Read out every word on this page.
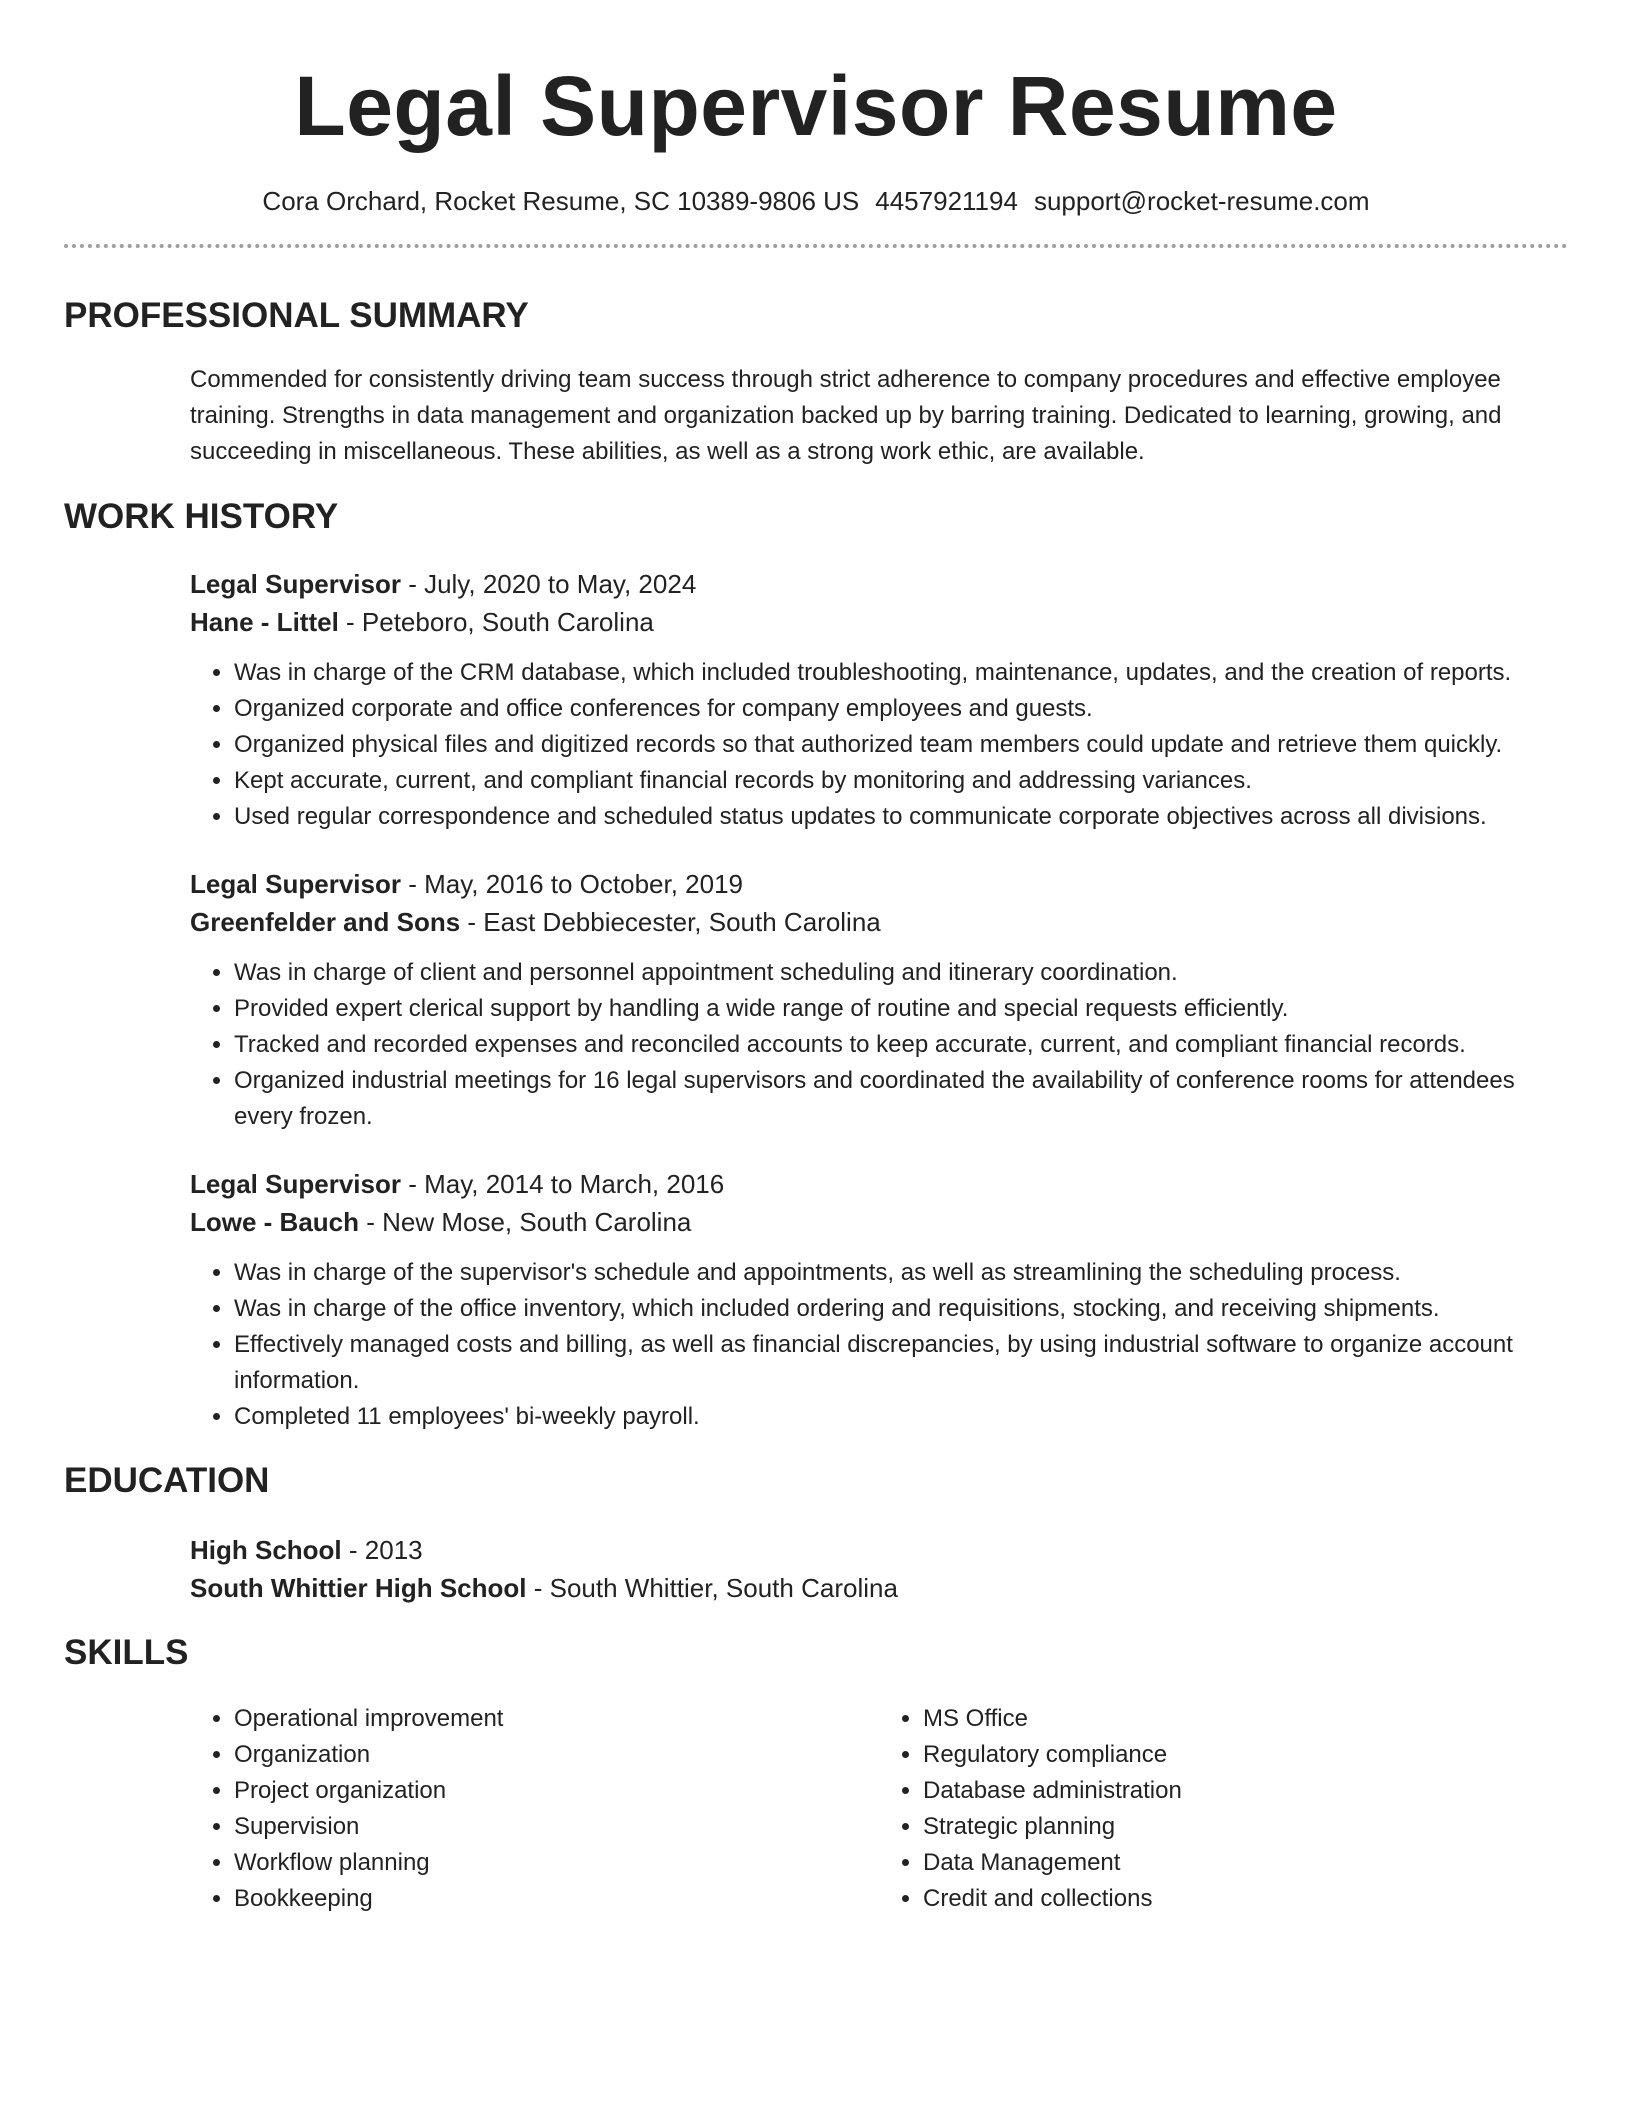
Legal Supervisor Resume
Cora Orchard, Rocket Resume, SC 10389-9806 US 4457921194 support@rocket-resume.com
PROFESSIONAL SUMMARY

Commended for consistently driving team success through strict adherence to company procedures and effective employee training. Strengths in data management and organization backed up by barring training. Dedicated to learning, growing, and succeeding in miscellaneous. These abilities, as well as a strong work ethic, are available.

WORK HISTORY
Legal Supervisor - July, 2020 to May, 2024
Hane - Littel - Peteboro, South Carolina
• Was in charge of the CRM database, which included troubleshooting, maintenance, updates, and the creation of reports.
• Organized corporate and office conferences for company employees and guests.
• Organized physical files and digitized records so that authorized team members could update and retrieve them quickly.
• Kept accurate, current, and compliant financial records by monitoring and addressing variances.
• Used regular correspondence and scheduled status updates to communicate corporate objectives across all divisions.
Legal Supervisor - May, 2016 to October, 2019
Greenfelder and Sons - East Debbiecester, South Carolina
• Was in charge of client and personnel appointment scheduling and itinerary coordination.
• Provided expert clerical support by handling a wide range of routine and special requests efficiently.
• Tracked and recorded expenses and reconciled accounts to keep accurate, current, and compliant financial records.
• Organized industrial meetings for 16 legal supervisors and coordinated the availability of conference rooms for attendees every frozen.
Legal Supervisor - May, 2014 to March, 2016
Lowe - Bauch - New Mose, South Carolina
• Was in charge of the supervisor's schedule and appointments, as well as streamlining the scheduling process.
• Was in charge of the office inventory, which included ordering and requisitions, stocking, and receiving shipments.
• Effectively managed costs and billing, as well as financial discrepancies, by using industrial software to organize account information.
• Completed 11 employees' bi-weekly payroll.
EDUCATION
High School - 2013
South Whittier High School - South Whittier, South Carolina
SKILLS
• Operational improvement
• Organization
• Project organization
• Supervision
• Workflow planning
• Bookkeeping
• MS Office
• Regulatory compliance
• Database administration
• Strategic planning
• Data Management
• Credit and collections
